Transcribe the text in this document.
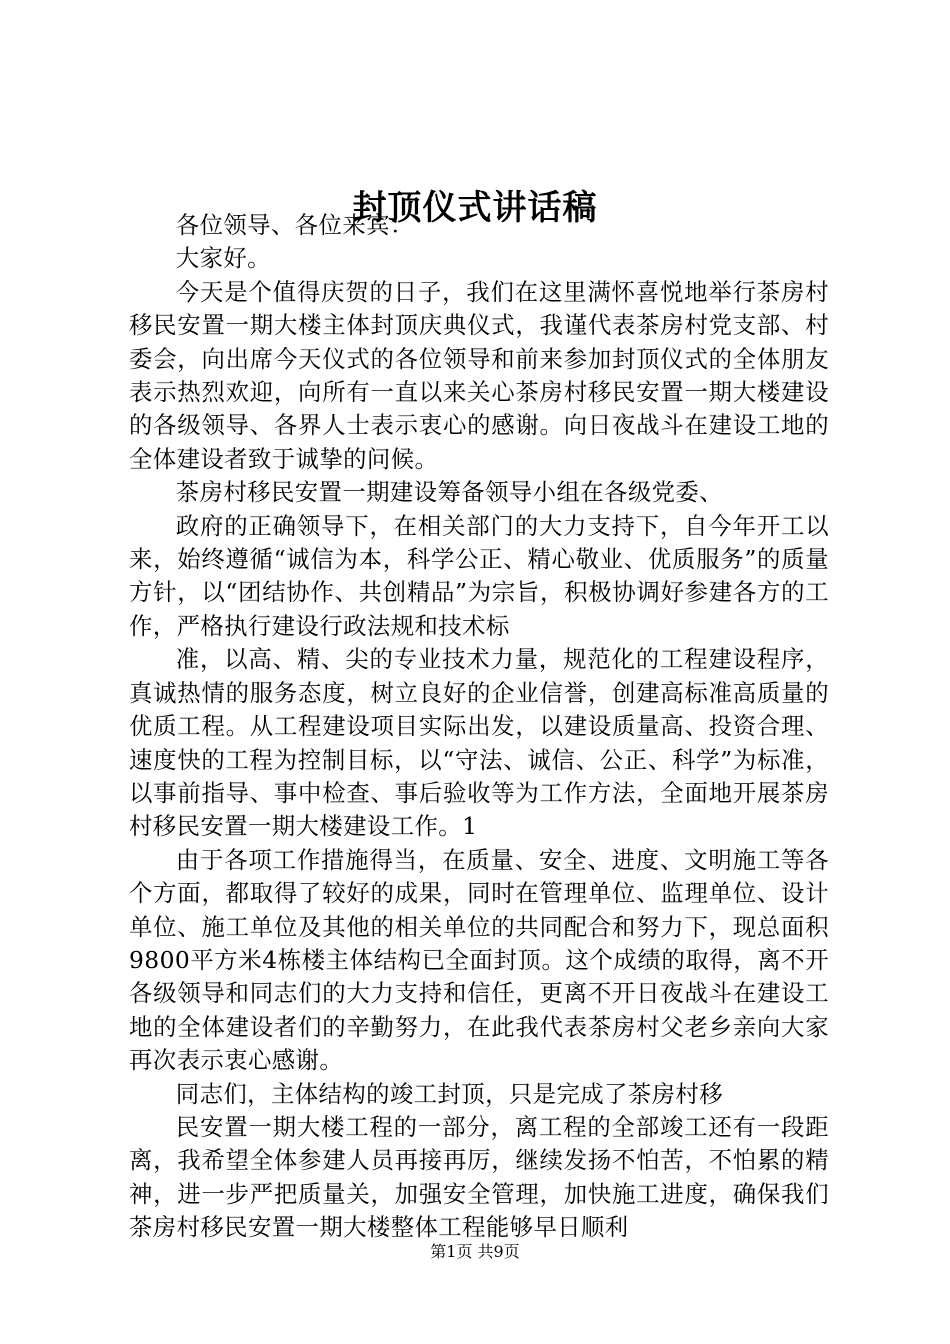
封顶仪式讲话稿

各位领导、各位来宾：

大家好。

今天是个值得庆贺的日子，我们在这里满怀喜悦地举行茶房村移民安置一期大楼主体封顶庆典仪式，我谨代表茶房村党支部、村委会，向出席今天仪式的各位领导和前来参加封顶仪式的全体朋友表示热烈欢迎，向所有一直以来关心茶房村移民安置一期大楼建设的各级领导、各界人士表示衷心的感谢。向日夜战斗在建设工地的全体建设者致于诚挚的问候。

茶房村移民安置一期建设筹备领导小组在各级党委、

政府的正确领导下，在相关部门的大力支持下，自今年开工以来，始终遵循“诚信为本，科学公正、精心敬业、优质服务”的质量方针，以“团结协作、共创精品”为宗旨，积极协调好参建各方的工作，严格执行建设行政法规和技术标

准，以高、精、尖的专业技术力量，规范化的工程建设程序，真诚热情的服务态度，树立良好的企业信誉，创建高标准高质量的优质工程。从工程建设项目实际出发，以建设质量高、投资合理、速度快的工程为控制目标，以“守法、诚信、公正、科学”为标准，以事前指导、事中检查、事后验收等为工作方法，全面地开展茶房村移民安置一期大楼建设工作。1

由于各项工作措施得当，在质量、安全、进度、文明施工等各个方面，都取得了较好的成果，同时在管理单位、监理单位、设计单位、施工单位及其他的相关单位的共同配合和努力下，现总面积9800平方米4栋楼主体结构已全面封顶。这个成绩的取得，离不开各级领导和同志们的大力支持和信任，更离不开日夜战斗在建设工地的全体建设者们的辛勤努力，在此我代表茶房村父老乡亲向大家再次表示衷心感谢。

同志们，主体结构的竣工封顶，只是完成了茶房村移

民安置一期大楼工程的一部分，离工程的全部竣工还有一段距离，我希望全体参建人员再接再厉，继续发扬不怕苦，不怕累的精神，进一步严把质量关，加强安全管理，加快施工进度，确保我们茶房村移民安置一期大楼整体工程能够早日顺利

第1页 共9页
